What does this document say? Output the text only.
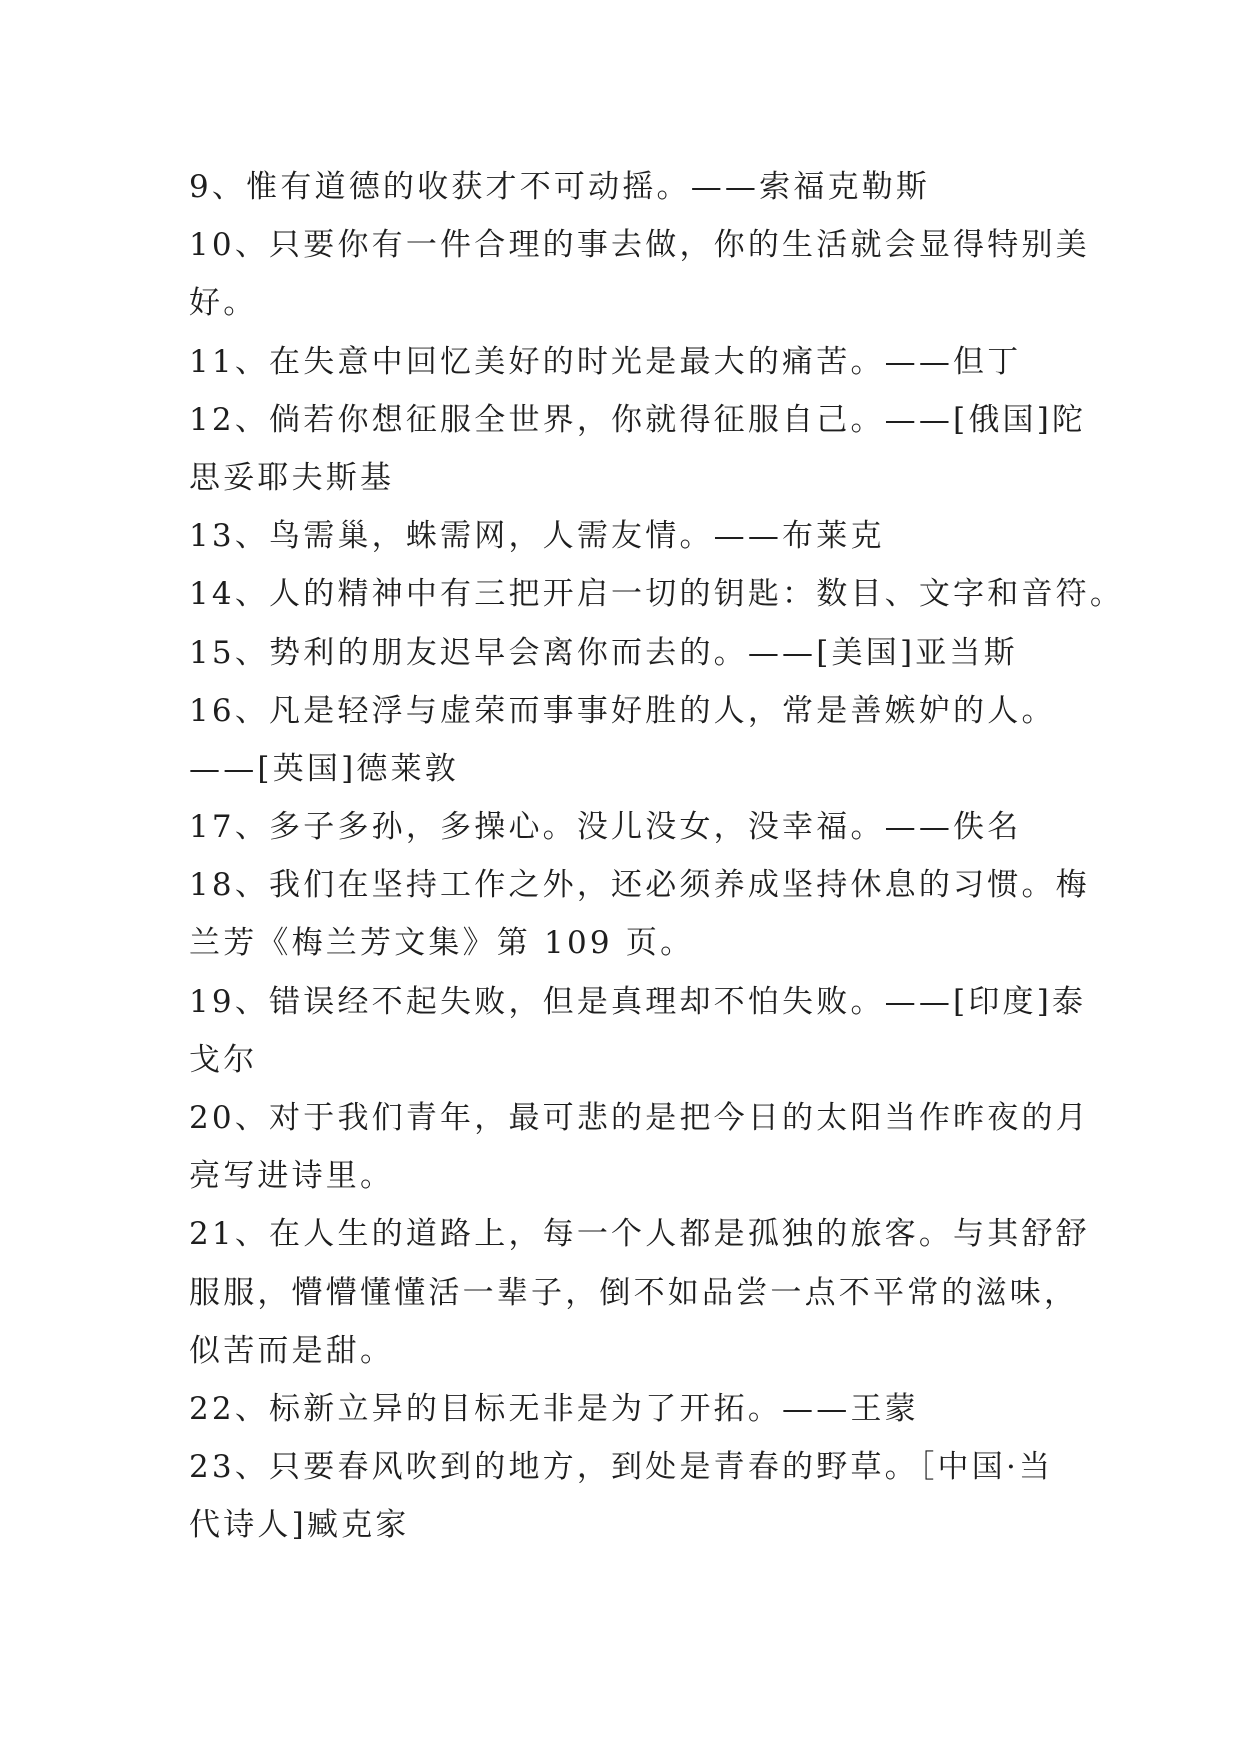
9、惟有道德的收获才不可动摇。——索福克勒斯
10、只要你有一件合理的事去做，你的生活就会显得特别美
好。
11、在失意中回忆美好的时光是最大的痛苦。——但丁
12、倘若你想征服全世界，你就得征服自己。——[俄国]陀
思妥耶夫斯基
13、鸟需巢，蛛需网，人需友情。——布莱克
14、人的精神中有三把开启一切的钥匙：数目、文字和音符。
15、势利的朋友迟早会离你而去的。——[美国]亚当斯
16、凡是轻浮与虚荣而事事好胜的人，常是善嫉妒的人。
——[英国]德莱敦
17、多子多孙，多操心。没儿没女，没幸福。——佚名
18、我们在坚持工作之外，还必须养成坚持休息的习惯。梅
兰芳《梅兰芳文集》第 109 页。
19、错误经不起失败，但是真理却不怕失败。——[印度]泰
戈尔
20、对于我们青年，最可悲的是把今日的太阳当作昨夜的月
亮写进诗里。
21、在人生的道路上，每一个人都是孤独的旅客。与其舒舒
服服，懵懵懂懂活一辈子，倒不如品尝一点不平常的滋味，
似苦而是甜。
22、标新立异的目标无非是为了开拓。——王蒙
23、只要春风吹到的地方，到处是青春的野草。［中国·当
代诗人]臧克家
